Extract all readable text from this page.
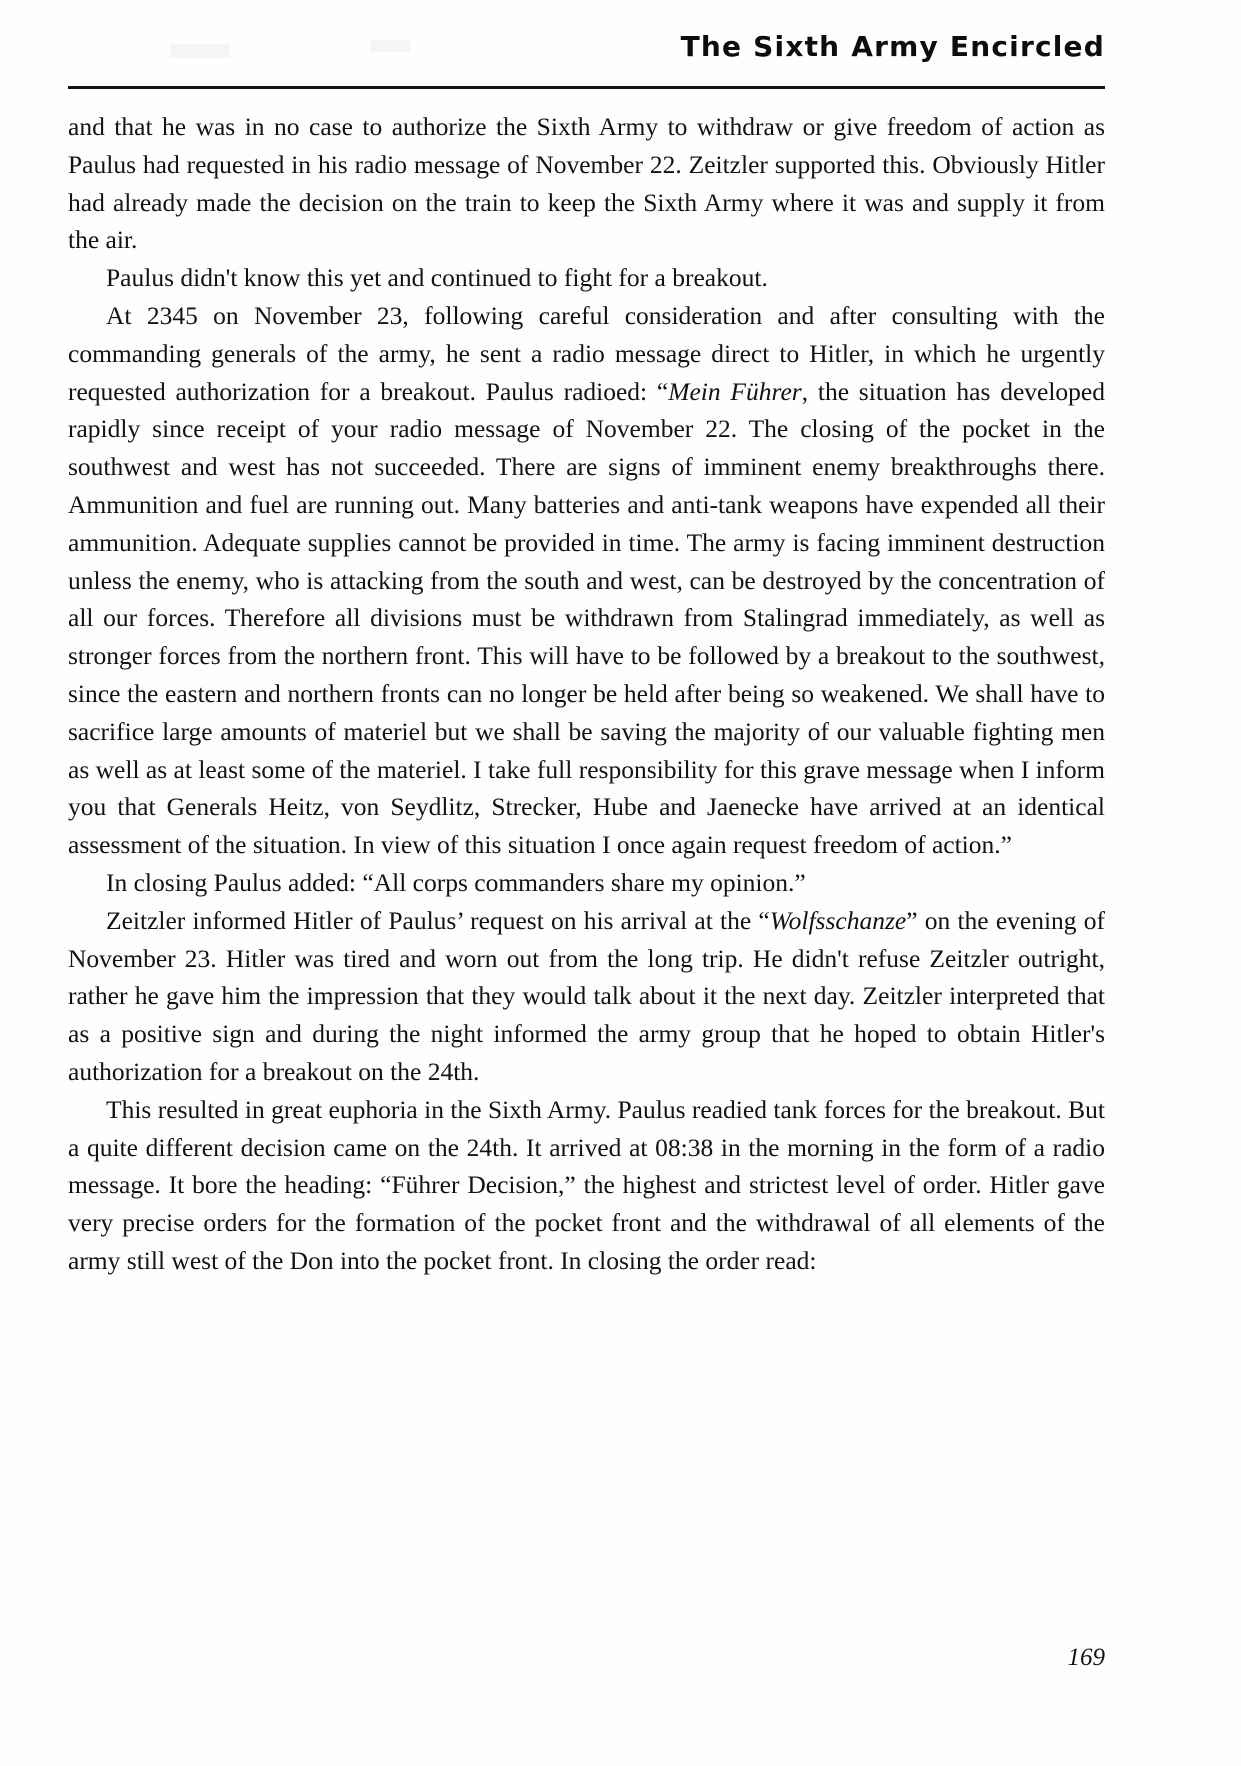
The Sixth Army Encircled

and that he was in no case to authorize the Sixth Army to withdraw or give freedom of action as Paulus had requested in his radio message of November 22. Zeitzler supported this. Obviously Hitler had already made the decision on the train to keep the Sixth Army where it was and supply it from the air.

Paulus didn't know this yet and continued to fight for a breakout.

At 2345 on November 23, following careful consideration and after consulting with the commanding generals of the army, he sent a radio message direct to Hitler, in which he urgently requested authorization for a breakout. Paulus radioed: “Mein Führer, the situation has developed rapidly since receipt of your radio message of November 22. The closing of the pocket in the southwest and west has not succeeded. There are signs of imminent enemy breakthroughs there. Ammunition and fuel are running out. Many batteries and anti-tank weapons have expended all their ammunition. Adequate supplies cannot be provided in time. The army is facing imminent destruction unless the enemy, who is attacking from the south and west, can be destroyed by the concentration of all our forces. Therefore all divisions must be withdrawn from Stalingrad immediately, as well as stronger forces from the northern front. This will have to be followed by a breakout to the southwest, since the eastern and northern fronts can no longer be held after being so weakened. We shall have to sacrifice large amounts of materiel but we shall be saving the majority of our valuable fighting men as well as at least some of the materiel. I take full responsibility for this grave message when I inform you that Generals Heitz, von Seydlitz, Strecker, Hube and Jaenecke have arrived at an identical assessment of the situation. In view of this situation I once again request freedom of action.”

In closing Paulus added: “All corps commanders share my opinion.”

Zeitzler informed Hitler of Paulus’ request on his arrival at the “Wolfsschanze” on the evening of November 23. Hitler was tired and worn out from the long trip. He didn't refuse Zeitzler outright, rather he gave him the impression that they would talk about it the next day. Zeitzler interpreted that as a positive sign and during the night informed the army group that he hoped to obtain Hitler's authorization for a breakout on the 24th.

This resulted in great euphoria in the Sixth Army. Paulus readied tank forces for the breakout. But a quite different decision came on the 24th. It arrived at 08:38 in the morning in the form of a radio message. It bore the heading: “Führer Decision,” the highest and strictest level of order. Hitler gave very precise orders for the formation of the pocket front and the withdrawal of all elements of the army still west of the Don into the pocket front. In closing the order read:

169
